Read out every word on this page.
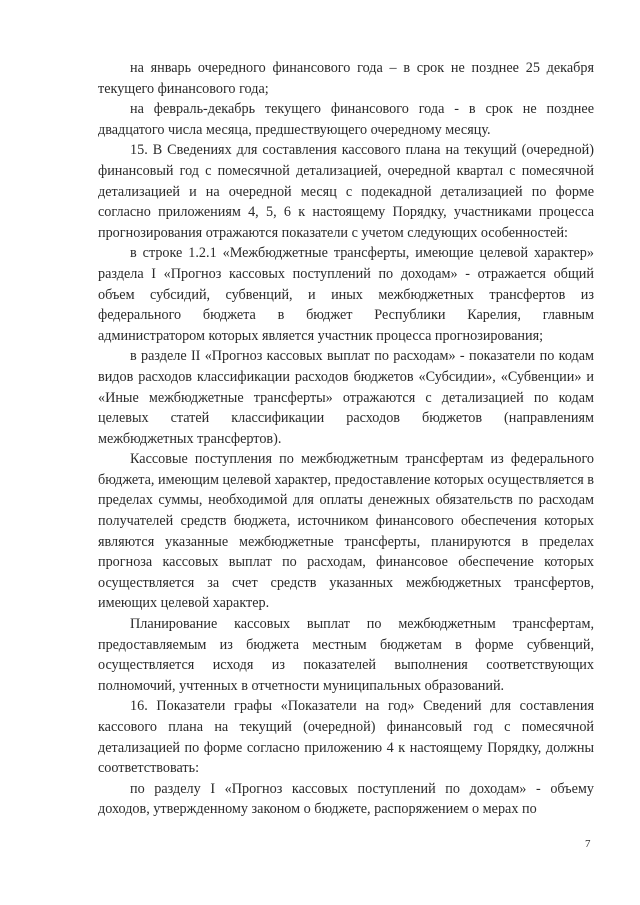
на январь очередного финансового года – в срок не позднее 25 декабря текущего финансового года;

на февраль-декабрь текущего финансового года - в срок не позднее двадцатого числа месяца, предшествующего очередному месяцу.

15. В Сведениях для составления кассового плана на текущий (очередной) финансовый год с помесячной детализацией, очередной квартал с помесячной детализацией и на очередной месяц с подекадной детализацией по форме согласно приложениям 4, 5, 6 к настоящему Порядку, участниками процесса прогнозирования отражаются показатели с учетом следующих особенностей:

в строке 1.2.1 «Межбюджетные трансферты, имеющие целевой характер» раздела I «Прогноз кассовых поступлений по доходам» - отражается общий объем субсидий, субвенций, и иных межбюджетных трансфертов из федерального бюджета в бюджет Республики Карелия, главным администратором которых является участник процесса прогнозирования;

в разделе II «Прогноз кассовых выплат по расходам» - показатели по кодам видов расходов классификации расходов бюджетов «Субсидии», «Субвенции» и «Иные межбюджетные трансферты» отражаются с детализацией по кодам целевых статей классификации расходов бюджетов (направлениям межбюджетных трансфертов).

Кассовые поступления по межбюджетным трансфертам из федерального бюджета, имеющим целевой характер, предоставление которых осуществляется в пределах суммы, необходимой для оплаты денежных обязательств по расходам получателей средств бюджета, источником финансового обеспечения которых являются указанные межбюджетные трансферты, планируются в пределах прогноза кассовых выплат по расходам, финансовое обеспечение которых осуществляется за счет средств указанных межбюджетных трансфертов, имеющих целевой характер.

Планирование кассовых выплат по межбюджетным трансфертам, предоставляемым из бюджета местным бюджетам в форме субвенций, осуществляется исходя из показателей выполнения соответствующих полномочий, учтенных в отчетности муниципальных образований.

16. Показатели графы «Показатели на год» Сведений для составления кассового плана на текущий (очередной) финансовый год с помесячной детализацией по форме согласно приложению 4 к настоящему Порядку, должны соответствовать:

по разделу I «Прогноз кассовых поступлений по доходам» - объему доходов, утвержденному законом о бюджете, распоряжением о мерах по

7
